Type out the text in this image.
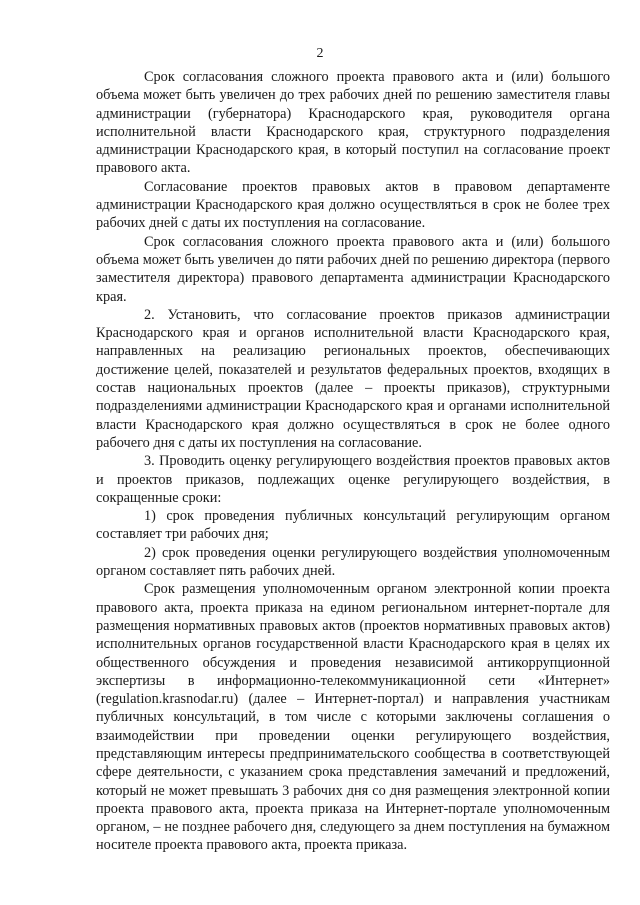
2

Срок согласования сложного проекта правового акта и (или) большого объема может быть увеличен до трех рабочих дней по решению заместителя главы администрации (губернатора) Краснодарского края, руководителя органа исполнительной власти Краснодарского края, структурного подразделения администрации Краснодарского края, в который поступил на согласование проект правового акта.

Согласование проектов правовых актов в правовом департаменте администрации Краснодарского края должно осуществляться в срок не более трех рабочих дней с даты их поступления на согласование.

Срок согласования сложного проекта правового акта и (или) большого объема может быть увеличен до пяти рабочих дней по решению директора (первого заместителя директора) правового департамента администрации Краснодарского края.

2. Установить, что согласование проектов приказов администрации Краснодарского края и органов исполнительной власти Краснодарского края, направленных на реализацию региональных проектов, обеспечивающих достижение целей, показателей и результатов федеральных проектов, входящих в состав национальных проектов (далее – проекты приказов), структурными подразделениями администрации Краснодарского края и органами исполнительной власти Краснодарского края должно осуществляться в срок не более одного рабочего дня с даты их поступления на согласование.

3. Проводить оценку регулирующего воздействия проектов правовых актов и проектов приказов, подлежащих оценке регулирующего воздействия, в сокращенные сроки:

1) срок проведения публичных консультаций регулирующим органом составляет три рабочих дня;

2) срок проведения оценки регулирующего воздействия уполномоченным органом составляет пять рабочих дней.

Срок размещения уполномоченным органом электронной копии проекта правового акта, проекта приказа на едином региональном интернет-портале для размещения нормативных правовых актов (проектов нормативных правовых актов) исполнительных органов государственной власти Краснодарского края в целях их общественного обсуждения и проведения независимой антикоррупционной экспертизы в информационно-телекоммуникационной сети «Интернет» (regulation.krasnodar.ru) (далее – Интернет-портал) и направления участникам публичных консультаций, в том числе с которыми заключены соглашения о взаимодействии при проведении оценки регулирующего воздействия, представляющим интересы предпринимательского сообщества в соответствующей сфере деятельности, с указанием срока представления замечаний и предложений, который не может превышать 3 рабочих дня со дня размещения электронной копии проекта правового акта, проекта приказа на Интернет-портале уполномоченным органом, – не позднее рабочего дня, следующего за днем поступления на бумажном носителе проекта правового акта, проекта приказа.
